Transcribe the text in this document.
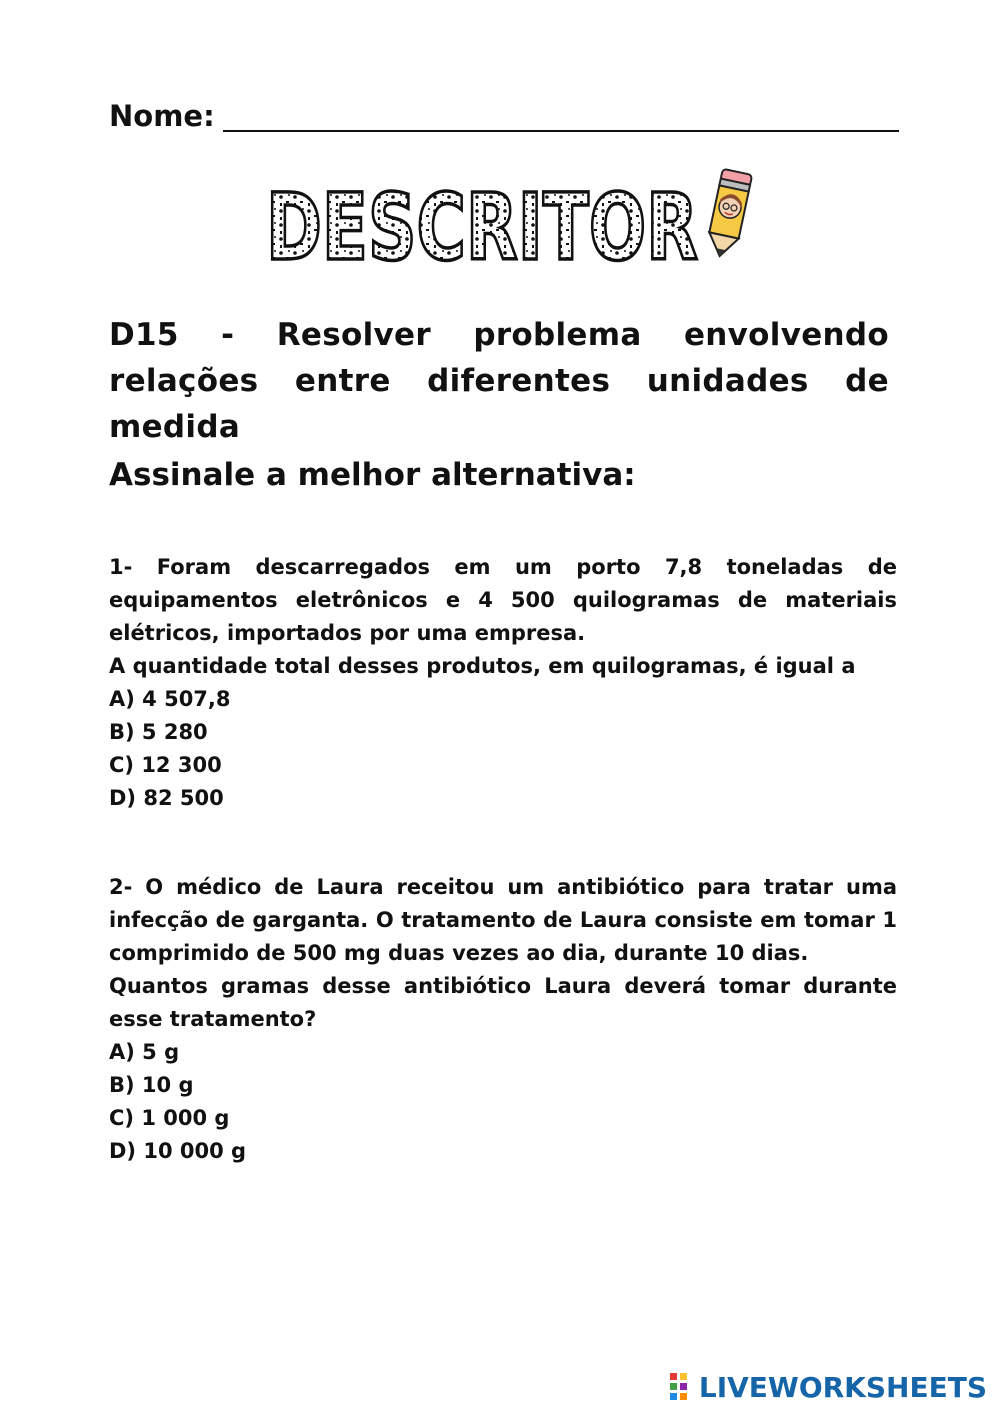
Nome:
DESCRITOR
D15 - Resolver problema envolvendo relações entre diferentes unidades de medida
Assinale a melhor alternativa:
1- Foram descarregados em um porto 7,8 toneladas de equipamentos eletrônicos e 4 500 quilogramas de materiais elétricos, importados por uma empresa.
A quantidade total desses produtos, em quilogramas, é igual a
A) 4 507,8
B) 5 280
C) 12 300
D) 82 500
2- O médico de Laura receitou um antibiótico para tratar uma infecção de garganta. O tratamento de Laura consiste em tomar 1 comprimido de 500 mg duas vezes ao dia, durante 10 dias.
Quantos gramas desse antibiótico Laura deverá tomar durante esse tratamento?
A) 5 g
B) 10 g
C) 1 000 g
D) 10 000 g
LIVEWORKSHEETS
